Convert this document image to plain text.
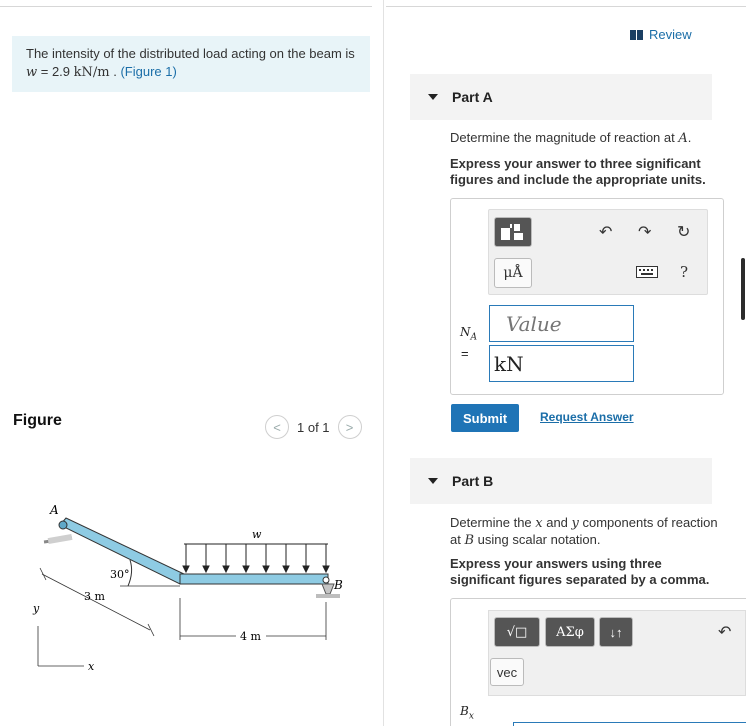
The intensity of the distributed load acting on the beam is
w = 2.9 kN/m . (Figure 1)
Figure	<	1 of 1	>
A
w
B
30°
3 m
4 m
y
x
Review
Part A
Determine the magnitude of reaction at A.
Express your answer to three significant figures and include the appropriate units.
μÅ
↶ ↷ ↻
?
$N_A$
=
Value
kN
Submit	Request Answer
Part B
Determine the x and y components of reaction at B using scalar notation.
Express your answers using three significant figures separated by a comma.
√□	ΑΣφ	↓↑	↶
vec
$B_x$
